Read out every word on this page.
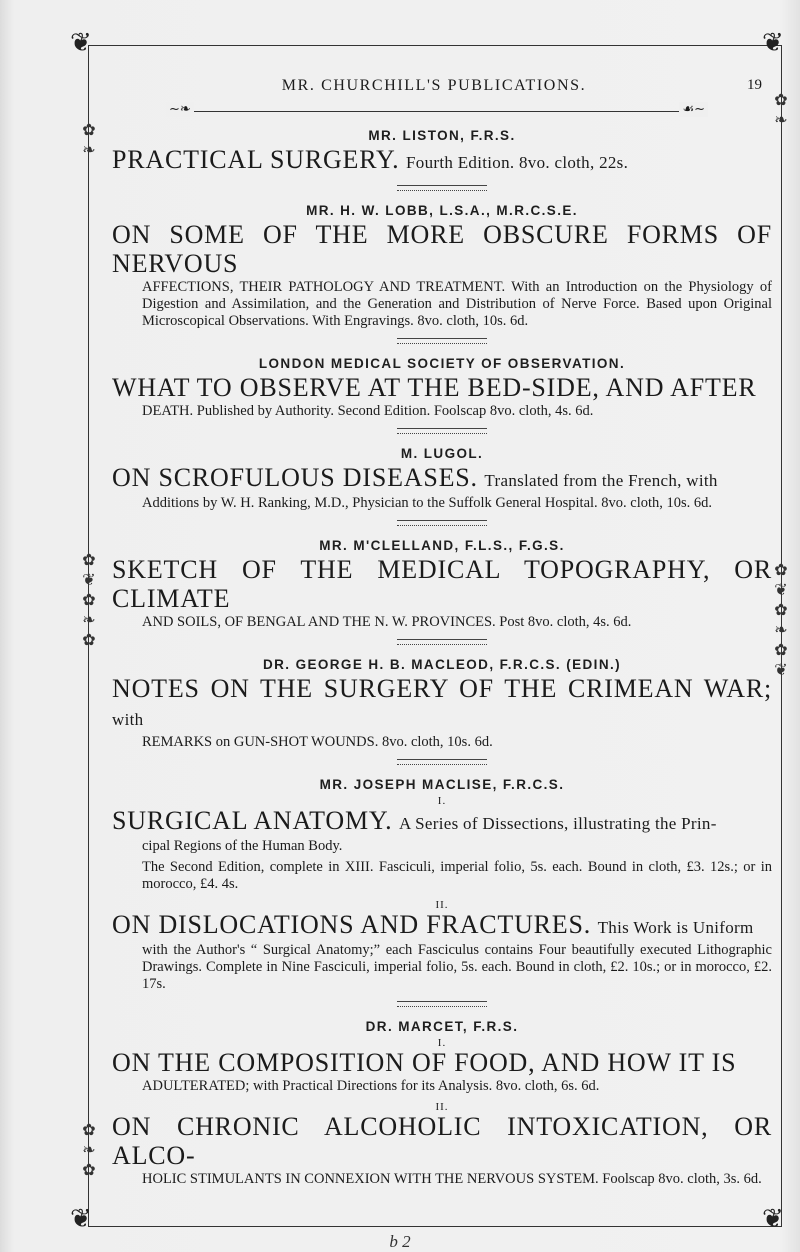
❦	❦
❦	❦
✿
❧
✿
❦
✿
❧
✿
✿
❧
✿
✿
❧
✿
❦
✿
❧
✿
❦
MR. CHURCHILL'S PUBLICATIONS.	19
~❧	☙~

MR. LISTON, F.R.S.

PRACTICAL SURGERY. Fourth Edition. 8vo. cloth, 22s.

MR. H. W. LOBB, L.S.A., M.R.C.S.E.

ON SOME OF THE MORE OBSCURE FORMS OF NERVOUS

AFFECTIONS, THEIR PATHOLOGY AND TREATMENT. With an Introduction on the Physiology of Digestion and Assimilation, and the Generation and Distribution of Nerve Force. Based upon Original Microscopical Observations. With Engravings. 8vo. cloth, 10s. 6d.

LONDON MEDICAL SOCIETY OF OBSERVATION.

WHAT TO OBSERVE AT THE BED-SIDE, AND AFTER

DEATH. Published by Authority. Second Edition. Foolscap 8vo. cloth, 4s. 6d.

M. LUGOL.

ON SCROFULOUS DISEASES. Translated from the French, with

Additions by W. H. Ranking, M.D., Physician to the Suffolk General Hospital. 8vo. cloth, 10s. 6d.

MR. M'CLELLAND, F.L.S., F.G.S.

SKETCH OF THE MEDICAL TOPOGRAPHY, OR CLIMATE

AND SOILS, OF BENGAL AND THE N. W. PROVINCES. Post 8vo. cloth, 4s. 6d.

DR. GEORGE H. B. MACLEOD, F.R.C.S. (EDIN.)

NOTES ON THE SURGERY OF THE CRIMEAN WAR; with

REMARKS on GUN-SHOT WOUNDS. 8vo. cloth, 10s. 6d.

MR. JOSEPH MACLISE, F.R.C.S.

I.

SURGICAL ANATOMY. A Series of Dissections, illustrating the Prin-

cipal Regions of the Human Body.

The Second Edition, complete in XIII. Fasciculi, imperial folio, 5s. each. Bound in cloth, £3. 12s.; or in morocco, £4. 4s.

II.

ON DISLOCATIONS AND FRACTURES. This Work is Uniform

with the Author's “ Surgical Anatomy;” each Fasciculus contains Four beautifully executed Lithographic Drawings. Complete in Nine Fasciculi, imperial folio, 5s. each. Bound in cloth, £2. 10s.; or in morocco, £2. 17s.

DR. MARCET, F.R.S.

I.

ON THE COMPOSITION OF FOOD, AND HOW IT IS

ADULTERATED; with Practical Directions for its Analysis. 8vo. cloth, 6s. 6d.

II.

ON CHRONIC ALCOHOLIC INTOXICATION, OR ALCO-

HOLIC STIMULANTS IN CONNEXION WITH THE NERVOUS SYSTEM. Foolscap 8vo. cloth, 3s. 6d.

b 2
